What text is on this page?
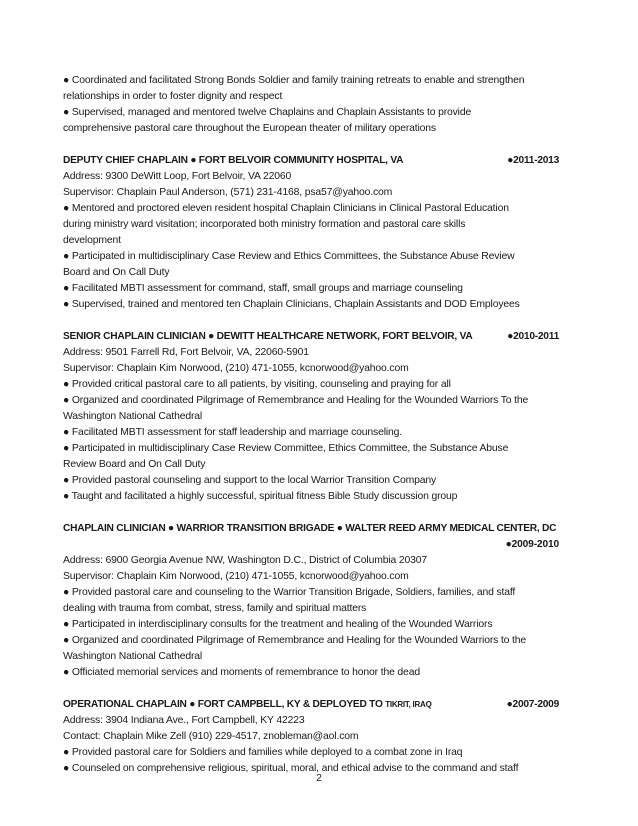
● Coordinated and facilitated Strong Bonds Soldier and family training retreats to enable and strengthen
relationships in order to foster dignity and respect
● Supervised, managed and mentored twelve Chaplains and Chaplain Assistants to provide
comprehensive pastoral care throughout the European theater of military operations
DEPUTY CHIEF CHAPLAIN ● FORT BELVOIR COMMUNITY HOSPITAL, VA	●2011-2013
Address: 9300 DeWitt Loop, Fort Belvoir, VA 22060
Supervisor: Chaplain Paul Anderson, (571) 231-4168, psa57@yahoo.com
● Mentored and proctored eleven resident hospital Chaplain Clinicians in Clinical Pastoral Education
during ministry ward visitation; incorporated both ministry formation and pastoral care skills
development
● Participated in multidisciplinary Case Review and Ethics Committees, the Substance Abuse Review
Board and On Call Duty
● Facilitated MBTI assessment for command, staff, small groups and marriage counseling
● Supervised, trained and mentored ten Chaplain Clinicians, Chaplain Assistants and DOD Employees
SENIOR CHAPLAIN CLINICIAN ● DEWITT HEALTHCARE NETWORK, FORT BELVOIR, VA	●2010-2011
Address: 9501 Farrell Rd, Fort Belvoir, VA, 22060-5901
Supervisor: Chaplain Kim Norwood, (210) 471-1055, kcnorwood@yahoo.com
● Provided critical pastoral care to all patients, by visiting, counseling and praying for all
● Organized and coordinated Pilgrimage of Remembrance and Healing for the Wounded Warriors To the
Washington National Cathedral
● Facilitated MBTI assessment for staff leadership and marriage counseling.
● Participated in multidisciplinary Case Review Committee, Ethics Committee, the Substance Abuse
Review Board and On Call Duty
● Provided pastoral counseling and support to the local Warrior Transition Company
● Taught and facilitated a highly successful, spiritual fitness Bible Study discussion group
CHAPLAIN CLINICIAN ● WARRIOR TRANSITION BRIGADE ● WALTER REED ARMY MEDICAL CENTER, DC
●2009-2010
Address: 6900 Georgia Avenue NW, Washington D.C., District of Columbia 20307
Supervisor: Chaplain Kim Norwood, (210) 471-1055, kcnorwood@yahoo.com
● Provided pastoral care and counseling to the Warrior Transition Brigade, Soldiers, families, and staff
dealing with trauma from combat, stress, family and spiritual matters
● Participated in interdisciplinary consults for the treatment and healing of the Wounded Warriors
● Organized and coordinated Pilgrimage of Remembrance and Healing for the Wounded Warriors to the
Washington National Cathedral
● Officiated memorial services and moments of remembrance to honor the dead
OPERATIONAL CHAPLAIN ● FORT CAMPBELL, KY & DEPLOYED TO TIKRIT, IRAQ	●2007-2009
Address: 3904 Indiana Ave., Fort Campbell, KY 42223
Contact: Chaplain Mike Zell (910) 229-4517, znobleman@aol.com
● Provided pastoral care for Soldiers and families while deployed to a combat zone in Iraq
● Counseled on comprehensive religious, spiritual, moral, and ethical advise to the command and staff
2
